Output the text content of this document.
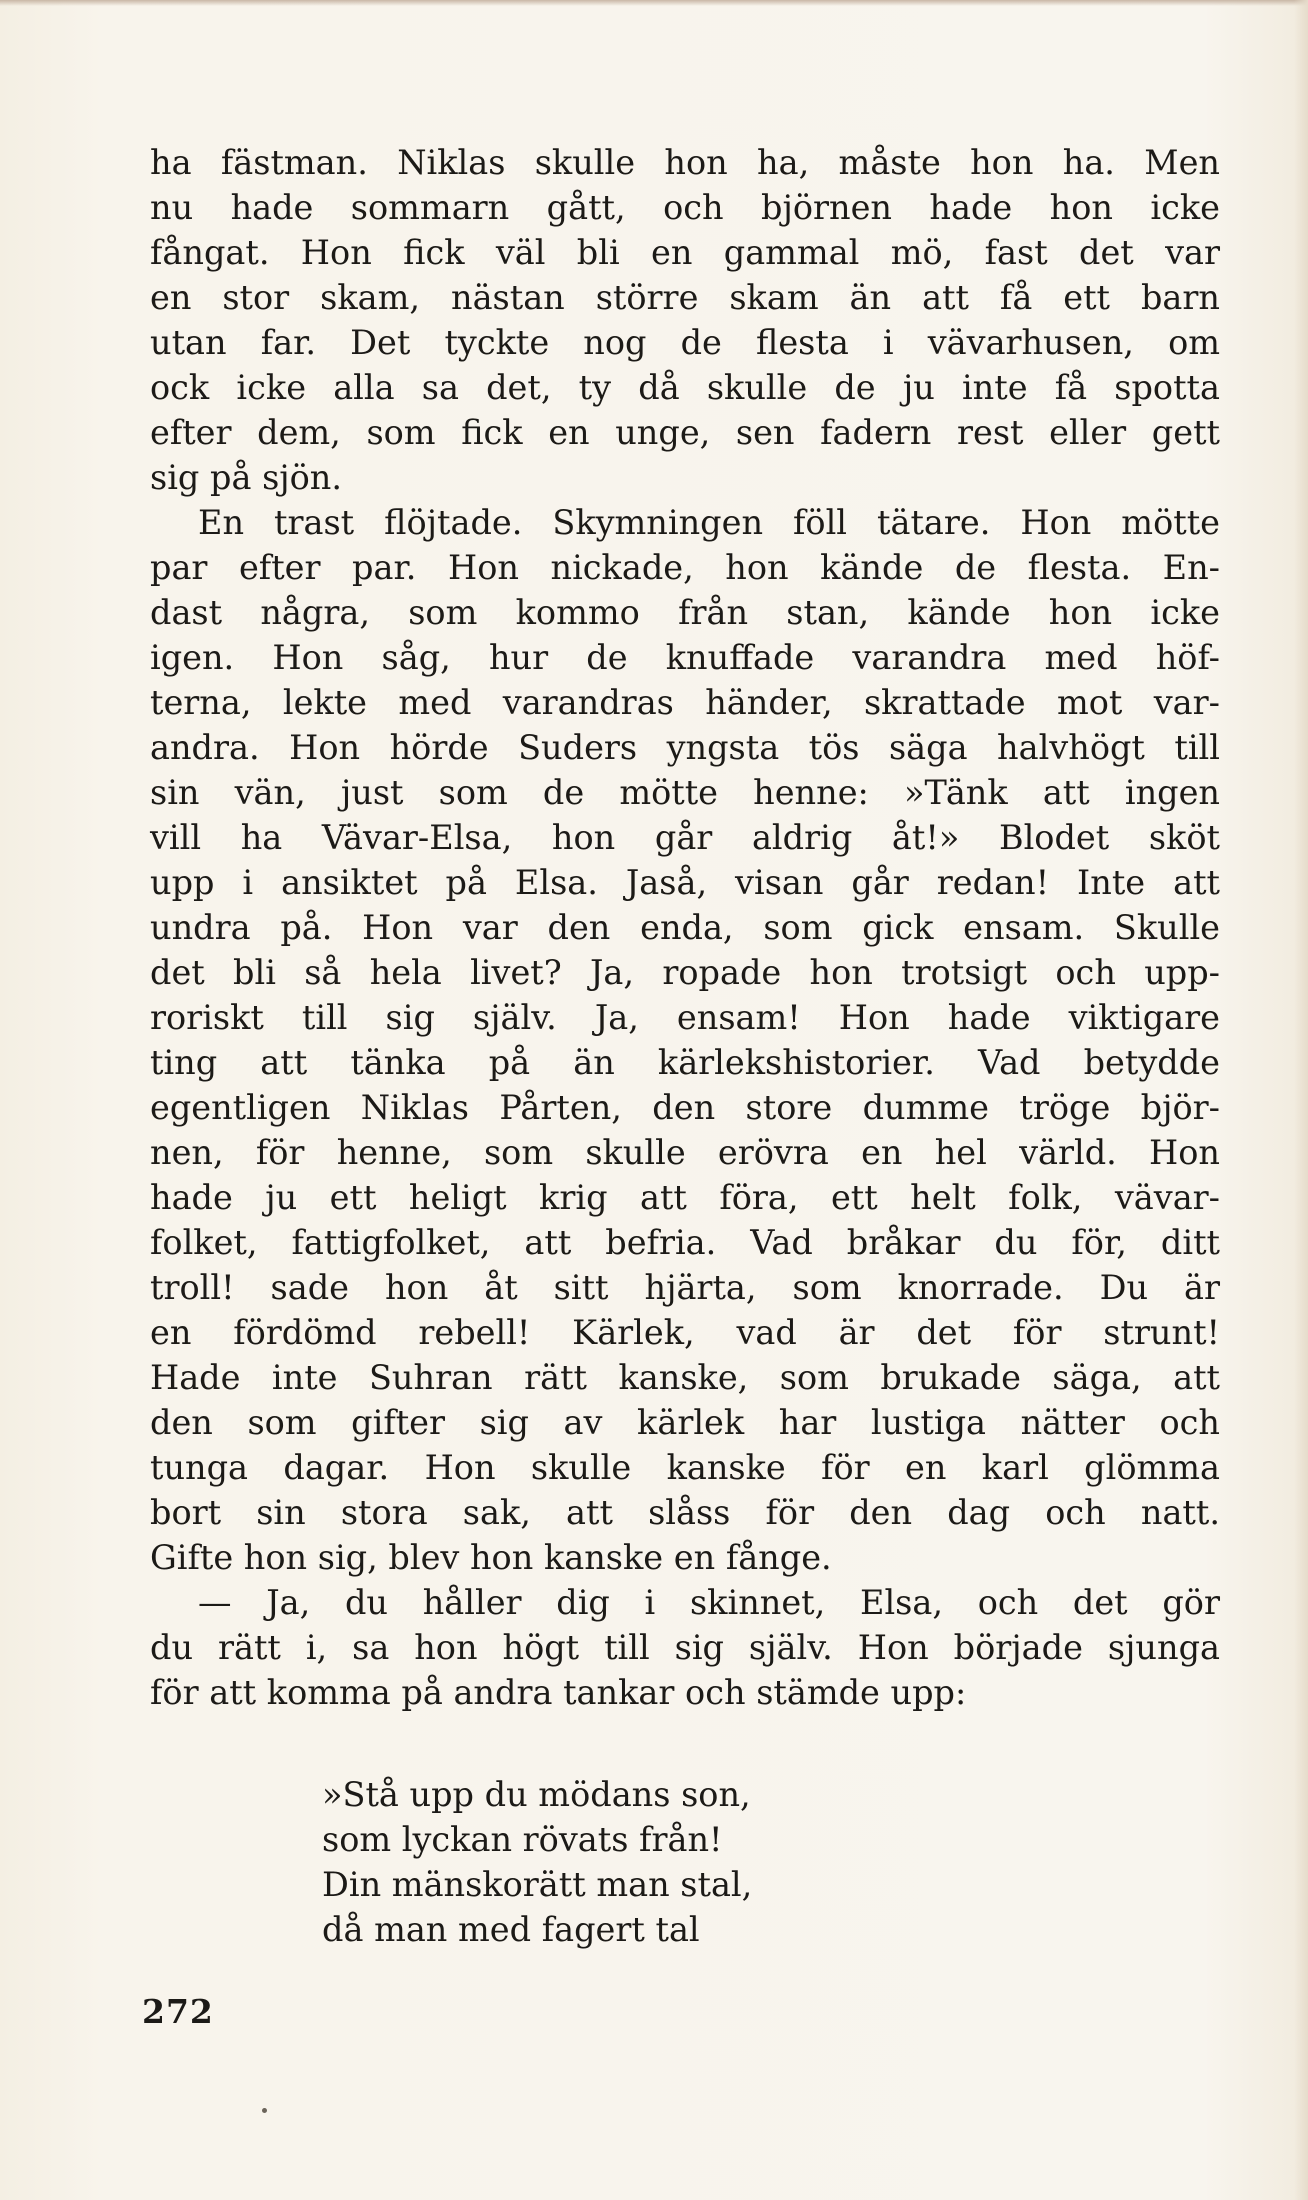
ha fästman. Niklas skulle hon ha, måste hon ha. Men
nu hade sommarn gått, och björnen hade hon icke
fångat. Hon fick väl bli en gammal mö, fast det var
en stor skam, nästan större skam än att få ett barn
utan far. Det tyckte nog de flesta i vävarhusen, om
ock icke alla sa det, ty då skulle de ju inte få spotta
efter dem, som fick en unge, sen fadern rest eller gett
sig på sjön.
En trast flöjtade. Skymningen föll tätare. Hon mötte
par efter par. Hon nickade, hon kände de flesta. En-
dast några, som kommo från stan, kände hon icke
igen. Hon såg, hur de knuffade varandra med höf-
terna, lekte med varandras händer, skrattade mot var-
andra. Hon hörde Suders yngsta tös säga halvhögt till
sin vän, just som de mötte henne: »Tänk att ingen
vill ha Vävar-Elsa, hon går aldrig åt!» Blodet sköt
upp i ansiktet på Elsa. Jaså, visan går redan! Inte att
undra på. Hon var den enda, som gick ensam. Skulle
det bli så hela livet? Ja, ropade hon trotsigt och upp-
roriskt till sig själv. Ja, ensam! Hon hade viktigare
ting att tänka på än kärlekshistorier. Vad betydde
egentligen Niklas Pårten, den store dumme tröge björ-
nen, för henne, som skulle erövra en hel värld. Hon
hade ju ett heligt krig att föra, ett helt folk, vävar-
folket, fattigfolket, att befria. Vad bråkar du för, ditt
troll! sade hon åt sitt hjärta, som knorrade. Du är
en fördömd rebell! Kärlek, vad är det för strunt!
Hade inte Suhran rätt kanske, som brukade säga, att
den som gifter sig av kärlek har lustiga nätter och
tunga dagar. Hon skulle kanske för en karl glömma
bort sin stora sak, att slåss för den dag och natt.
Gifte hon sig, blev hon kanske en fånge.
— Ja, du håller dig i skinnet, Elsa, och det gör
du rätt i, sa hon högt till sig själv. Hon började sjunga
för att komma på andra tankar och stämde upp:
»Stå upp du mödans son,
som lyckan rövats från!
Din mänskorätt man stal,
då man med fagert tal
272
